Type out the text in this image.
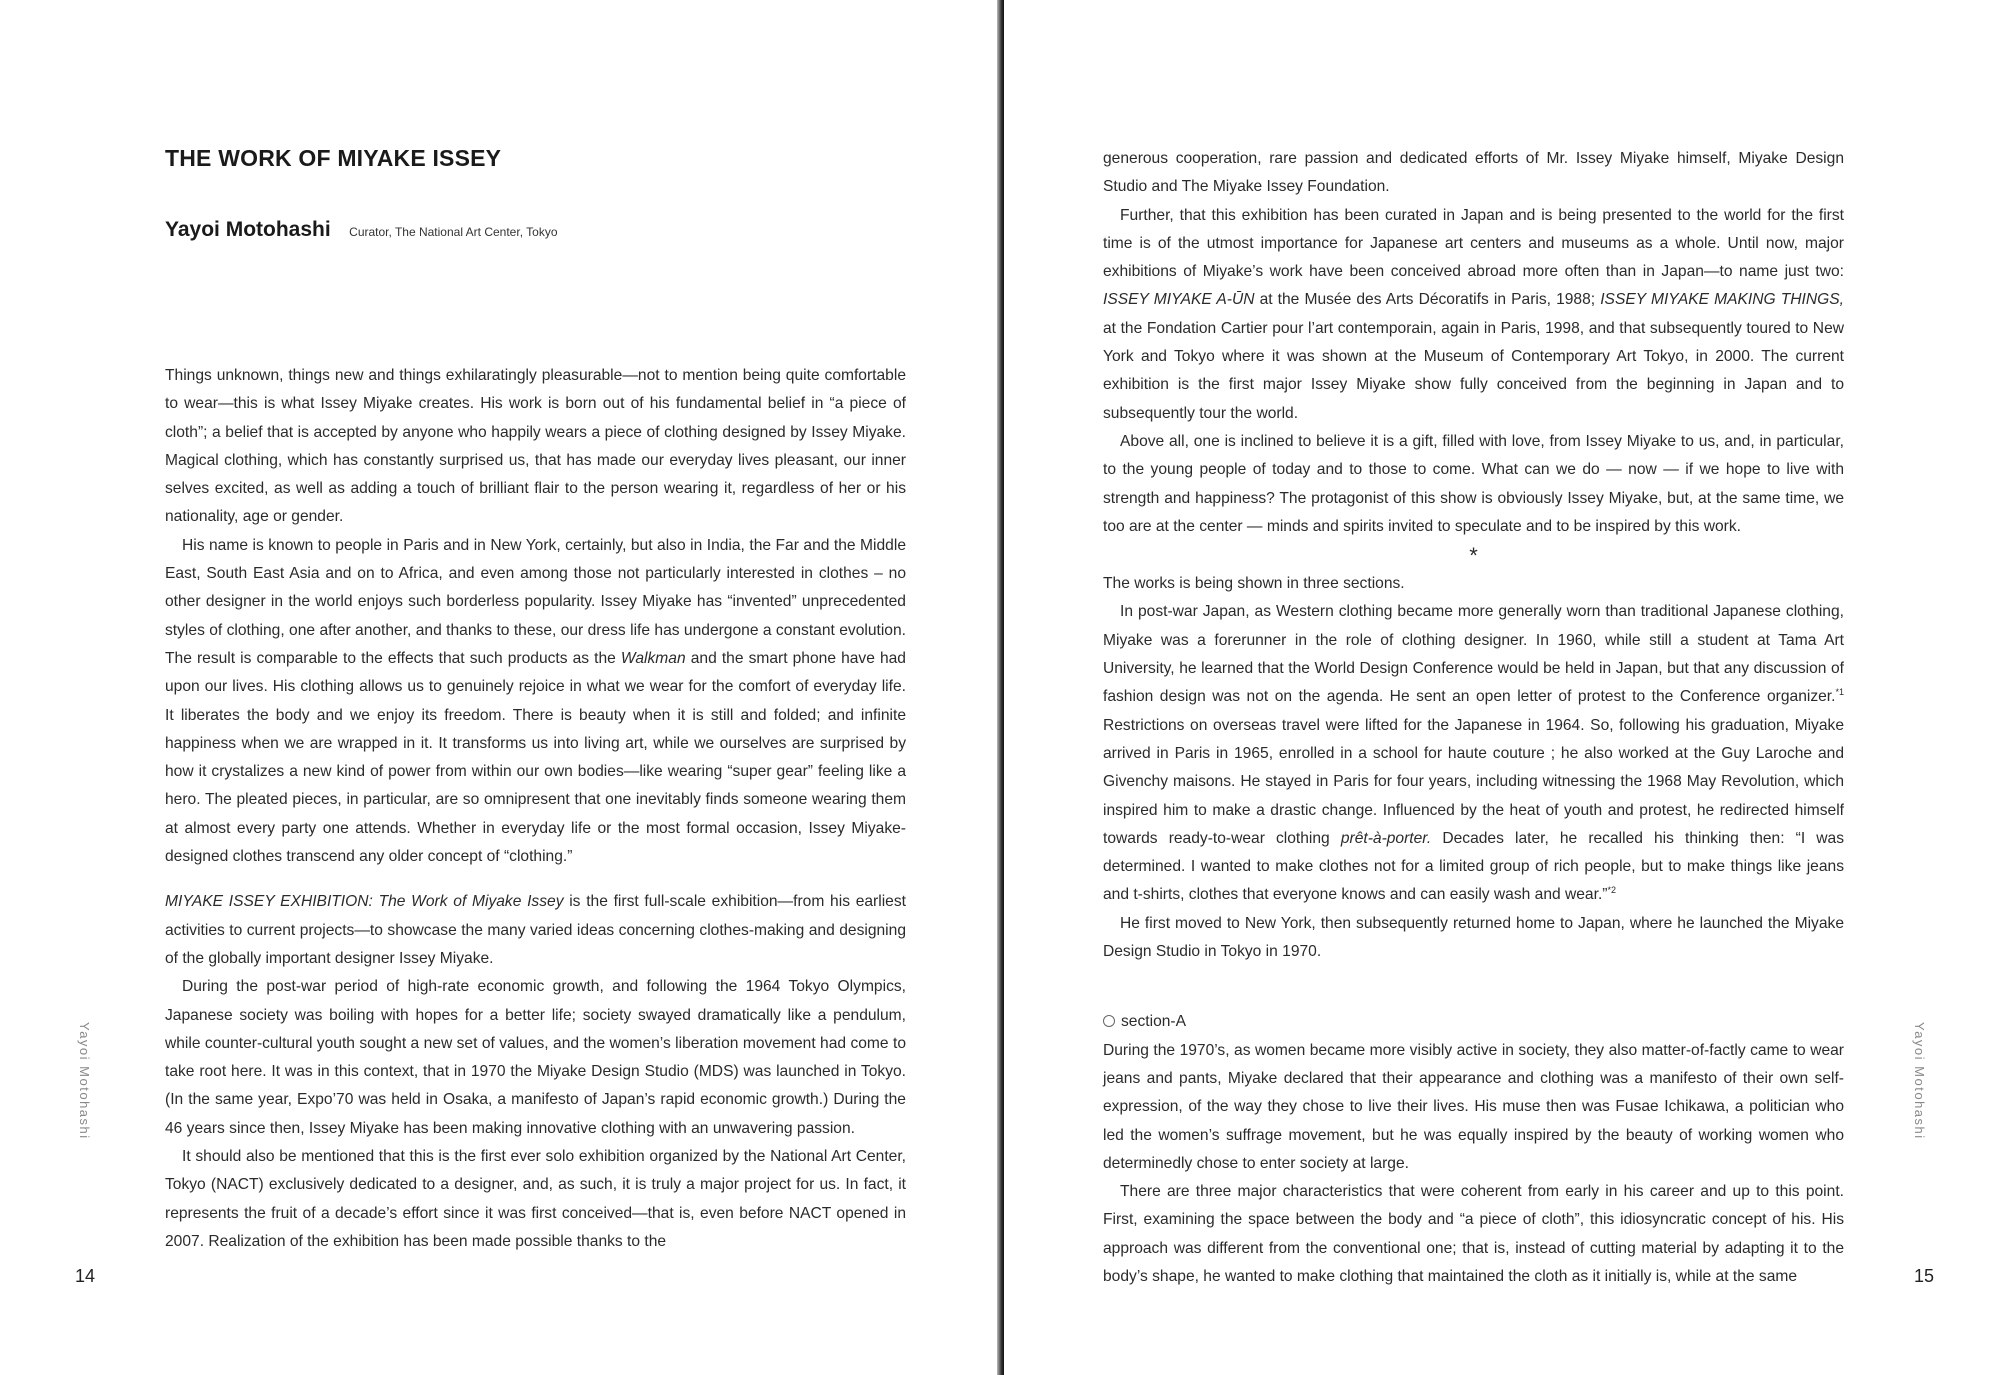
THE WORK OF MIYAKE ISSEY
Yayoi Motohashi Curator, The National Art Center, Tokyo

Things unknown, things new and things exhilaratingly pleasurable—not to mention being quite comfortable to wear—this is what Issey Miyake creates. His work is born out of his fundamental belief in “a piece of cloth”; a belief that is accepted by anyone who happily wears a piece of clothing designed by Issey Miyake. Magical clothing, which has constantly surprised us, that has made our everyday lives pleasant, our inner selves excited, as well as adding a touch of brilliant flair to the person wearing it, regardless of her or his nationality, age or gender.

His name is known to people in Paris and in New York, certainly, but also in India, the Far and the Middle East, South East Asia and on to Africa, and even among those not particularly interested in clothes – no other designer in the world enjoys such borderless popularity. Issey Miyake has “invented” unprecedented styles of clothing, one after another, and thanks to these, our dress life has undergone a constant evolution. The result is comparable to the effects that such products as the Walkman and the smart phone have had upon our lives. His clothing allows us to genuinely rejoice in what we wear for the comfort of everyday life. It liberates the body and we enjoy its freedom. There is beauty when it is still and folded; and infinite happiness when we are wrapped in it. It transforms us into living art, while we ourselves are surprised by how it crystalizes a new kind of power from within our own bodies—like wearing “super gear” feeling like a hero. The pleated pieces, in particular, are so omnipresent that one inevitably finds someone wearing them at almost every party one attends. Whether in everyday life or the most formal occasion, Issey Miyake-designed clothes transcend any older concept of “clothing.”

MIYAKE ISSEY EXHIBITION: The Work of Miyake Issey is the first full-scale exhibition—from his earliest activities to current projects—to showcase the many varied ideas concerning clothes-making and designing of the globally important designer Issey Miyake.

During the post-war period of high-rate economic growth, and following the 1964 Tokyo Olympics, Japanese society was boiling with hopes for a better life; society swayed dramatically like a pendulum, while counter-cultural youth sought a new set of values, and the women’s liberation movement had come to take root here. It was in this context, that in 1970 the Miyake Design Studio (MDS) was launched in Tokyo. (In the same year, Expo’70 was held in Osaka, a manifesto of Japan’s rapid economic growth.) During the 46 years since then, Issey Miyake has been making innovative clothing with an unwavering passion.

It should also be mentioned that this is the first ever solo exhibition organized by the National Art Center, Tokyo (NACT) exclusively dedicated to a designer, and, as such, it is truly a major project for us. In fact, it represents the fruit of a decade’s effort since it was first conceived—that is, even before NACT opened in 2007. Realization of the exhibition has been made possible thanks to the

Yayoi Motohashi
14
Yayoi Motohashi
15

generous cooperation, rare passion and dedicated efforts of Mr. Issey Miyake himself, Miyake Design Studio and The Miyake Issey Foundation.

Further, that this exhibition has been curated in Japan and is being presented to the world for the first time is of the utmost importance for Japanese art centers and museums as a whole. Until now, major exhibitions of Miyake’s work have been conceived abroad more often than in Japan—to name just two: ISSEY MIYAKE A-ŪN at the Musée des Arts Décoratifs in Paris, 1988; ISSEY MIYAKE MAKING THINGS, at the Fondation Cartier pour l’art contemporain, again in Paris, 1998, and that subsequently toured to New York and Tokyo where it was shown at the Museum of Contemporary Art Tokyo, in 2000. The current exhibition is the first major Issey Miyake show fully conceived from the beginning in Japan and to subsequently tour the world.

Above all, one is inclined to believe it is a gift, filled with love, from Issey Miyake to us, and, in particular, to the young people of today and to those to come. What can we do — now — if we hope to live with strength and happiness? The protagonist of this show is obviously Issey Miyake, but, at the same time, we too are at the center — minds and spirits invited to speculate and to be inspired by this work.

*

The works is being shown in three sections.

In post-war Japan, as Western clothing became more generally worn than traditional Japanese clothing, Miyake was a forerunner in the role of clothing designer. In 1960, while still a student at Tama Art University, he learned that the World Design Conference would be held in Japan, but that any discussion of fashion design was not on the agenda. He sent an open letter of protest to the Conference organizer.$^{*1}$ Restrictions on overseas travel were lifted for the Japanese in 1964. So, following his graduation, Miyake arrived in Paris in 1965, enrolled in a school for haute couture ; he also worked at the Guy Laroche and Givenchy maisons. He stayed in Paris for four years, including witnessing the 1968 May Revolution, which inspired him to make a drastic change. Influenced by the heat of youth and protest, he redirected himself towards ready-to-wear clothing prêt-à-porter. Decades later, he recalled his thinking then: “I was determined. I wanted to make clothes not for a limited group of rich people, but to make things like jeans and t-shirts, clothes that everyone knows and can easily wash and wear.”$^{*2}$

He first moved to New York, then subsequently returned home to Japan, where he launched the Miyake Design Studio in Tokyo in 1970.

section-A

During the 1970’s, as women became more visibly active in society, they also matter-of-factly came to wear jeans and pants, Miyake declared that their appearance and clothing was a manifesto of their own self-expression, of the way they chose to live their lives. His muse then was Fusae Ichikawa, a politician who led the women’s suffrage movement, but he was equally inspired by the beauty of working women who determinedly chose to enter society at large.

There are three major characteristics that were coherent from early in his career and up to this point. First, examining the space between the body and “a piece of cloth”, this idiosyncratic concept of his. His approach was different from the conventional one; that is, instead of cutting material by adapting it to the body’s shape, he wanted to make clothing that maintained the cloth as it initially is, while at the same
